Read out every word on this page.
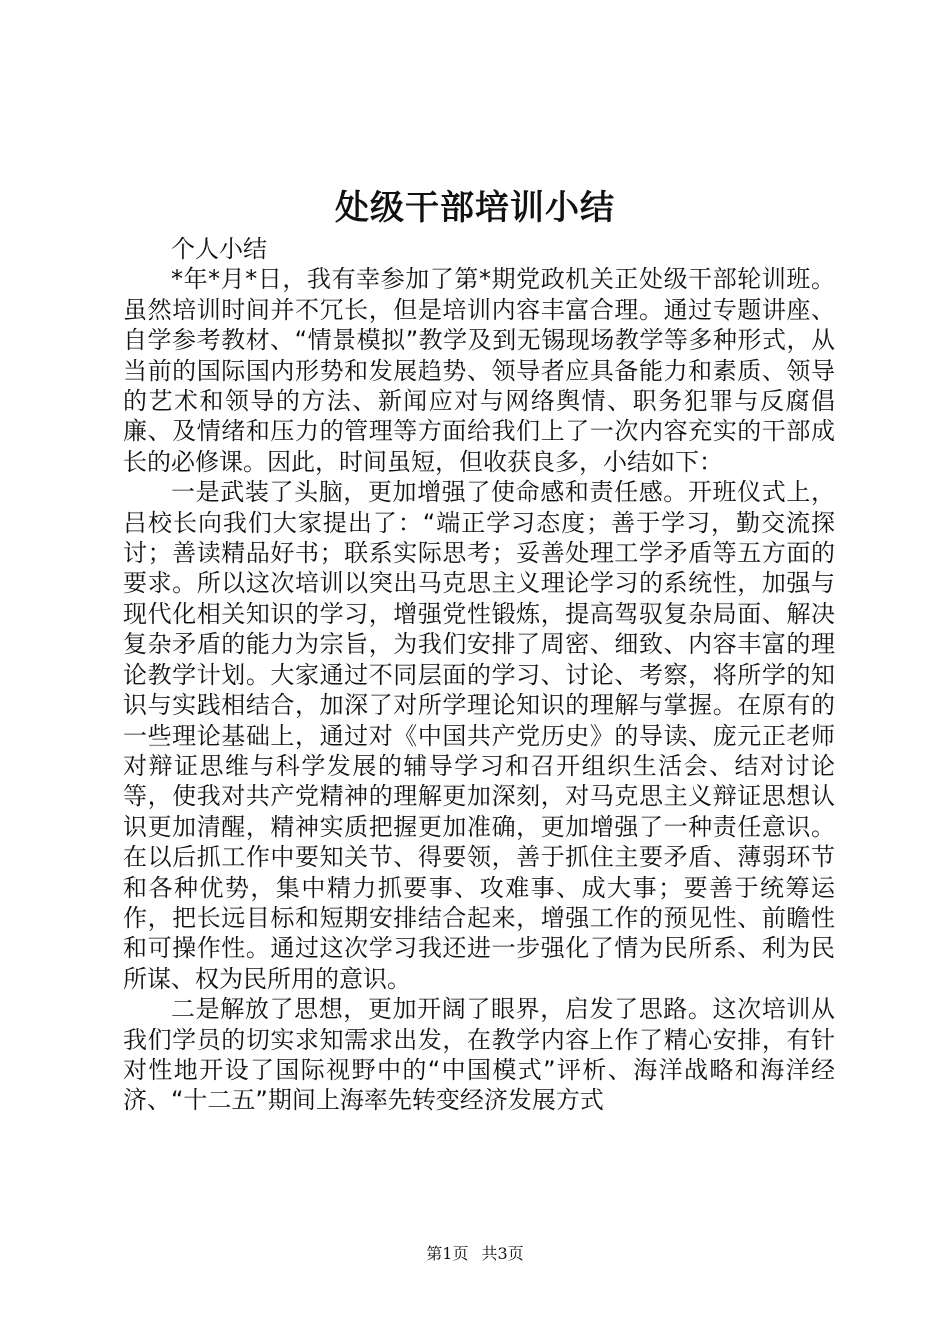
处级干部培训小结

个人小结

*年*月*日，我有幸参加了第*期党政机关正处级干部轮训班。虽然培训时间并不冗长，但是培训内容丰富合理。通过专题讲座、自学参考教材、“情景模拟”教学及到无锡现场教学等多种形式，从当前的国际国内形势和发展趋势、领导者应具备能力和素质、领导的艺术和领导的方法、新闻应对与网络舆情、职务犯罪与反腐倡廉、及情绪和压力的管理等方面给我们上了一次内容充实的干部成长的必修课。因此，时间虽短，但收获良多，小结如下：

一是武装了头脑，更加增强了使命感和责任感。开班仪式上，吕校长向我们大家提出了：“端正学习态度；善于学习，勤交流探讨；善读精品好书；联系实际思考；妥善处理工学矛盾等五方面的要求。所以这次培训以突出马克思主义理论学习的系统性，加强与现代化相关知识的学习，增强党性锻炼，提高驾驭复杂局面、解决复杂矛盾的能力为宗旨，为我们安排了周密、细致、内容丰富的理论教学计划。大家通过不同层面的学习、讨论、考察，将所学的知识与实践相结合，加深了对所学理论知识的理解与掌握。在原有的一些理论基础上，通过对《中国共产党历史》的导读、庞元正老师对辩证思维与科学发展的辅导学习和召开组织生活会、结对讨论等，使我对共产党精神的理解更加深刻，对马克思主义辩证思想认识更加清醒，精神实质把握更加准确，更加增强了一种责任意识。在以后抓工作中要知关节、得要领，善于抓住主要矛盾、薄弱环节和各种优势，集中精力抓要事、攻难事、成大事；要善于统筹运作，把长远目标和短期安排结合起来，增强工作的预见性、前瞻性和可操作性。通过这次学习我还进一步强化了情为民所系、利为民所谋、权为民所用的意识。

二是解放了思想，更加开阔了眼界，启发了思路。这次培训从我们学员的切实求知需求出发，在教学内容上作了精心安排，有针对性地开设了国际视野中的“中国模式”评析、海洋战略和海洋经济、“十二五”期间上海率先转变经济发展方式

第1页 共3页
